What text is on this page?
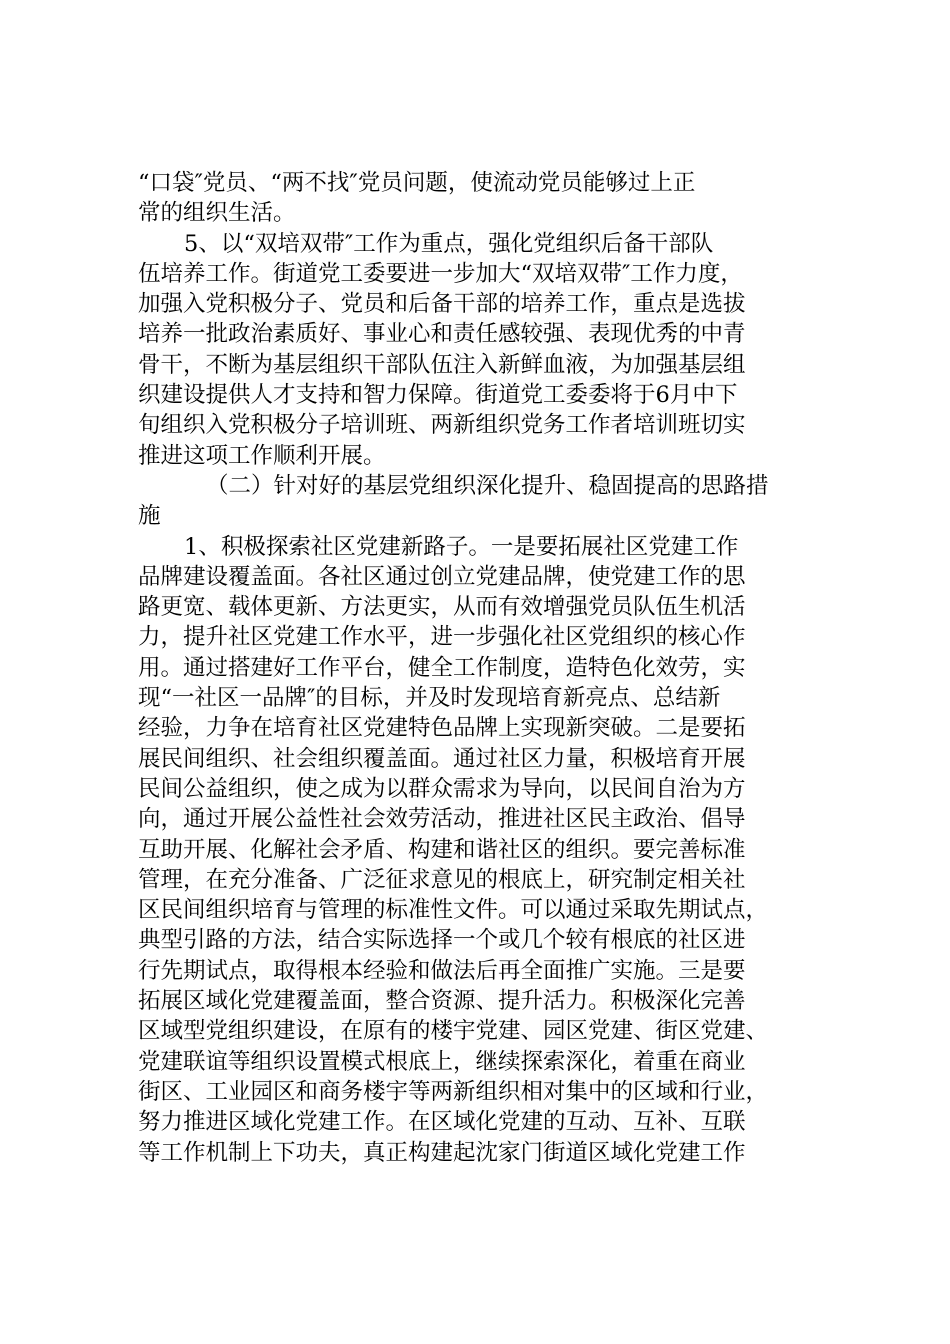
“口袋″党员、“两不找″党员问题，使流动党员能够过上正
常的组织生活。
5、以“双培双带″工作为重点，强化党组织后备干部队
伍培养工作。街道党工委要进一步加大“双培双带″工作力度，
加强入党积极分子、党员和后备干部的培养工作，重点是选拔
培养一批政治素质好、事业心和责任感较强、表现优秀的中青
骨干，不断为基层组织干部队伍注入新鲜血液，为加强基层组
织建设提供人才支持和智力保障。街道党工委委将于6月中下
旬组织入党积极分子培训班、两新组织党务工作者培训班切实
推进这项工作顺利开展。
（二）针对好的基层党组织深化提升、稳固提高的思路措
施
1、积极探索社区党建新路子。一是要拓展社区党建工作
品牌建设覆盖面。各社区通过创立党建品牌，使党建工作的思
路更宽、载体更新、方法更实，从而有效增强党员队伍生机活
力，提升社区党建工作水平，进一步强化社区党组织的核心作
用。通过搭建好工作平台，健全工作制度，造特色化效劳，实
现“一社区一品牌″的目标，并及时发现培育新亮点、总结新
经验，力争在培育社区党建特色品牌上实现新突破。二是要拓
展民间组织、社会组织覆盖面。通过社区力量，积极培育开展
民间公益组织，使之成为以群众需求为导向，以民间自治为方
向，通过开展公益性社会效劳活动，推进社区民主政治、倡导
互助开展、化解社会矛盾、构建和谐社区的组织。要完善标准
管理，在充分准备、广泛征求意见的根底上，研究制定相关社
区民间组织培育与管理的标准性文件。可以通过采取先期试点，
典型引路的方法，结合实际选择一个或几个较有根底的社区进
行先期试点，取得根本经验和做法后再全面推广实施。三是要
拓展区域化党建覆盖面，整合资源、提升活力。积极深化完善
区域型党组织建设，在原有的楼宇党建、园区党建、街区党建、
党建联谊等组织设置模式根底上，继续探索深化，着重在商业
街区、工业园区和商务楼宇等两新组织相对集中的区域和行业，
努力推进区域化党建工作。在区域化党建的互动、互补、互联
等工作机制上下功夫，真正构建起沈家门街道区域化党建工作
